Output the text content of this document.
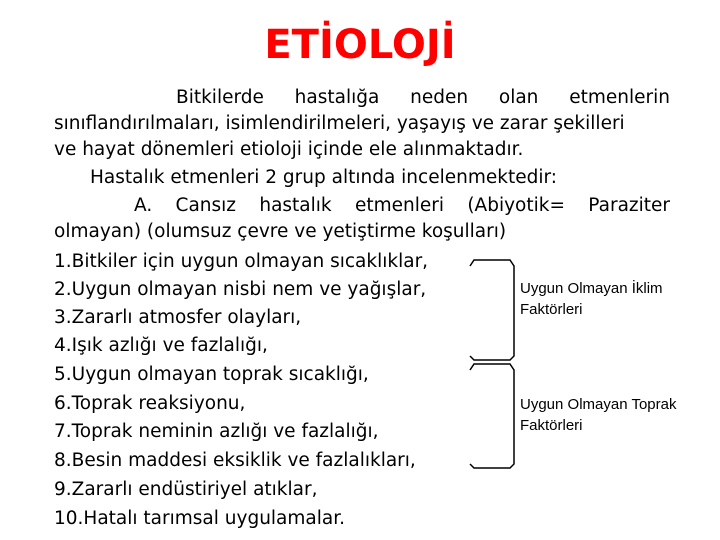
ETİOLOJİ
Bitkilerde hastalığa neden olan etmenlerin
sınıflandırılmaları, isimlendirilmeleri, yaşayış ve zarar şekilleri
ve hayat dönemleri etioloji içinde ele alınmaktadır.
Hastalık etmenleri 2 grup altında incelenmektedir:
A. Cansız hastalık etmenleri (Abiyotik= Paraziter
olmayan) (olumsuz çevre ve yetiştirme koşulları)
1.Bitkiler için uygun olmayan sıcaklıklar,
2.Uygun olmayan nisbi nem ve yağışlar,
3.Zararlı atmosfer olayları,
4.Işık azlığı ve fazlalığı,
5.Uygun olmayan toprak sıcaklığı,
6.Toprak reaksiyonu,
7.Toprak neminin azlığı ve fazlalığı,
8.Besin maddesi eksiklik ve fazlalıkları,
9.Zararlı endüstiriyel atıklar,
10.Hatalı tarımsal uygulamalar.
Uygun Olmayan İklim
Faktörleri
Uygun Olmayan Toprak
Faktörleri
